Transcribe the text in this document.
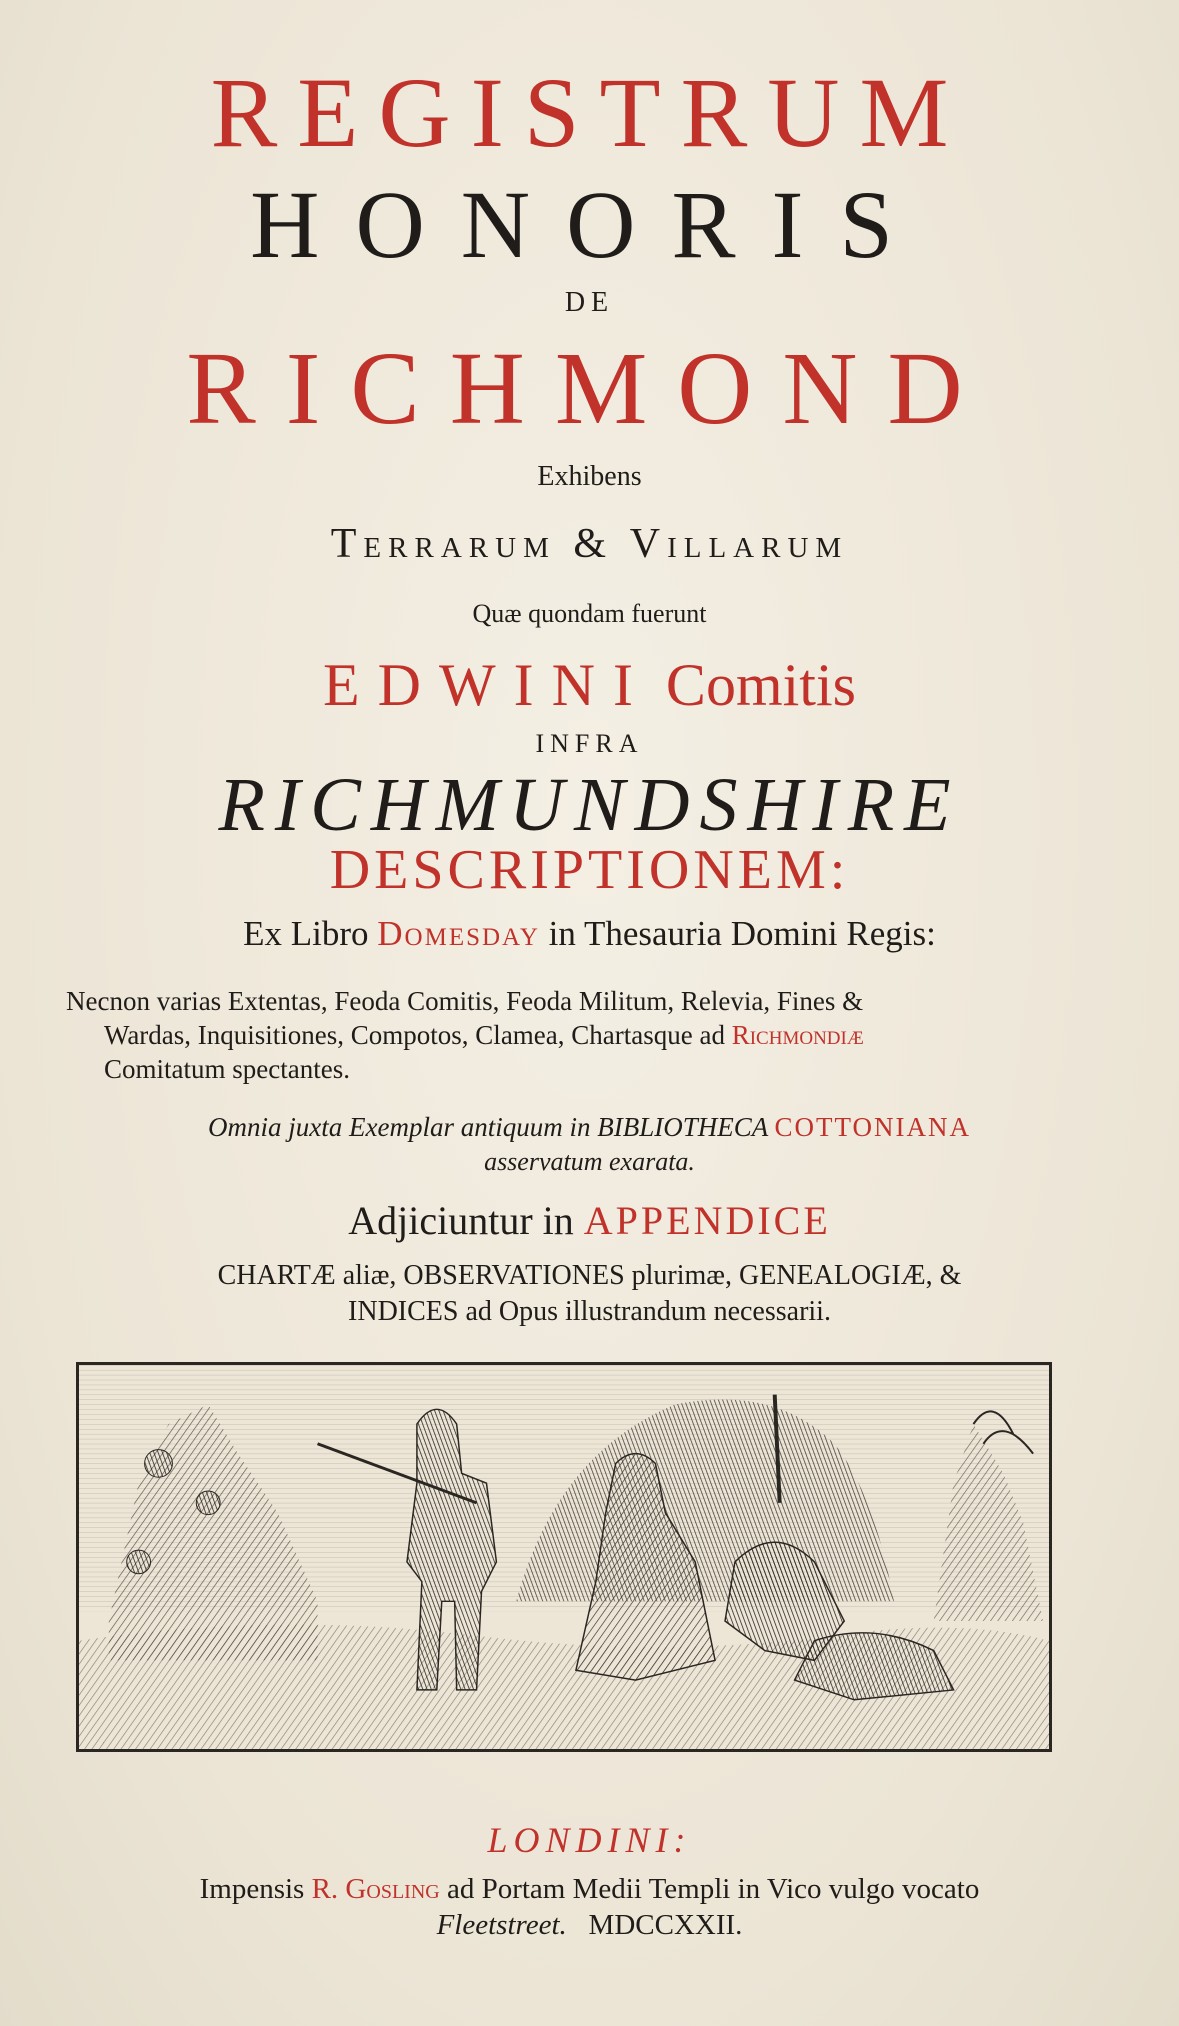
REGISTRUM
HONORIS
DE
RICHMOND
Exhibens
Terrarum & Villarum
Quæ quondam fuerunt
EDWINI Comitis
INFRA
RICHMUNDSHIRE
DESCRIPTIONEM:
Ex Libro Domesday in Thesauria Domini Regis:
Necnon varias Extentas, Feoda Comitis, Feoda Militum, Relevia, Fines &
Wardas, Inquisitiones, Compotos, Clamea, Chartasque ad Richmondiæ
Comitatum spectantes.
Omnia juxta Exemplar antiquum in BIBLIOTHECA COTTONIANA
asservatum exarata.
Adjiciuntur in APPENDICE
CHARTÆ aliæ, OBSERVATIONES plurimæ, GENEALOGIÆ, &
INDICES ad Opus illustrandum necessarii.
LONDINI:
Impensis R. Gosling ad Portam Medii Templi in Vico vulgo vocato
Fleetstreet. MDCCXXII.
